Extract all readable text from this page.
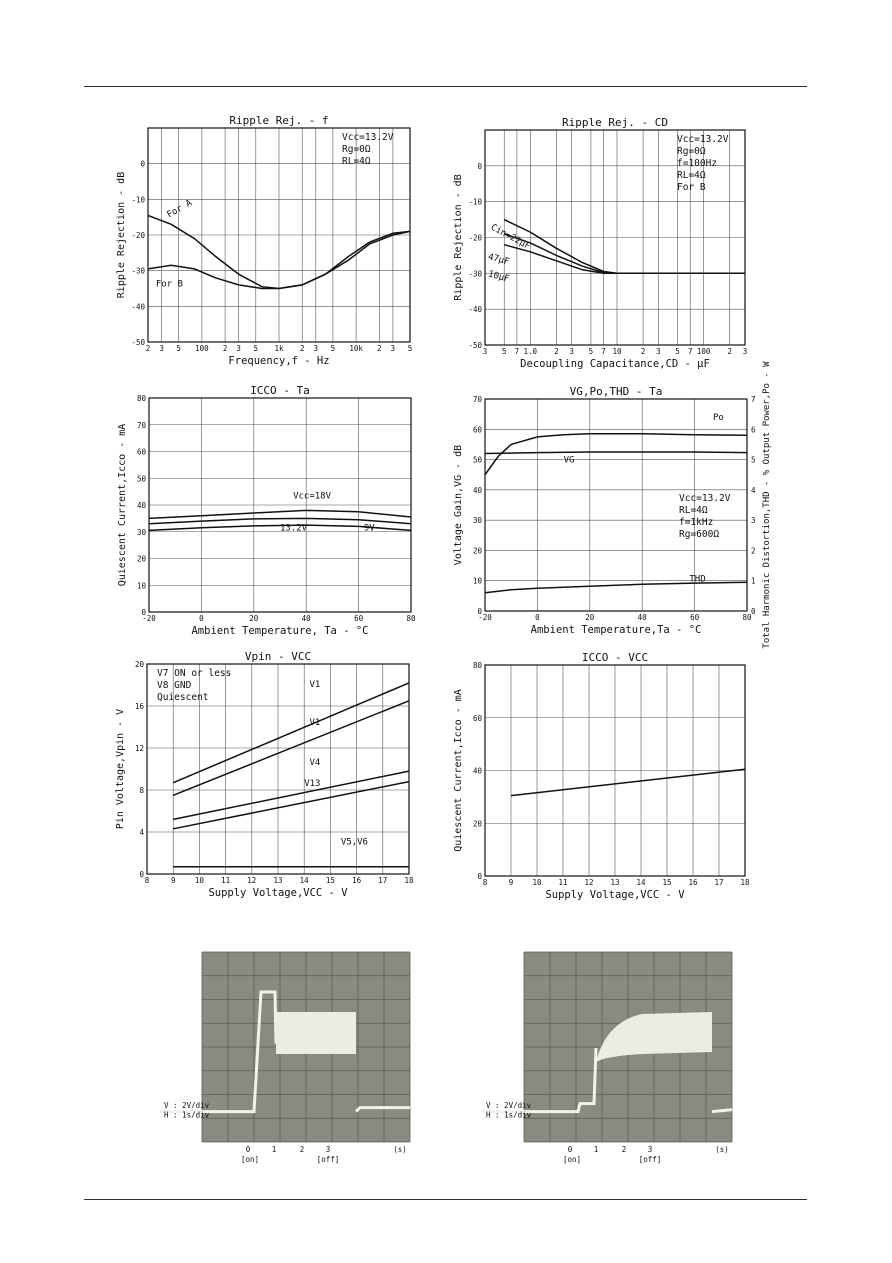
Ripple Rej. - f
2 3 5 100 2 3 5 1k 2 3 5 10k 2 3 5
0
-10
-20
-30
-40
-50
Frequency,f - Hz
Ripple Rejection - dB
Vcc=13.2V
Rg=0Ω
RL=4Ω
For A
For B
Ripple Rej. - CD
3 5 7 1.0 2 3 5 7 10	2 3 5 7 100 2 3
0
-10
-20
-30
-40
-50
Decoupling Capacitance,CD - μF
Ripple Rejection - dB
Vcc=13.2V
Rg=0Ω
f=100Hz
RL=4Ω
For B
Cin=22μF
47μF
10μF
ICCO - Ta
-20	0	20	40	60	80
0
10
20
30
40
50
60
70
80
Ambient Temperature, Ta - °C
Quiescent Current,Icco - mA	Vcc=18V
13.2V	9V
VG,Po,THD - Ta
-20	0	20	40	60	80
0
10
20
30
40
50
60
70
0
1
2
3
4
5
6
7
Ambient Temperature,Ta - °C
Voltage Gain,VG - dB	Total Harmonic Distortion,THD - % Output Power,Po - W
Vcc=13.2V
RL=4Ω
f=1kHz
Rg=600Ω
Po
VG
THD
Vpin - VCC
8	9	10 11 12 13 14 15 16 17 18
0
4
8
12
16
20
Supply Voltage,VCC - V
Pin Voltage,Vpin - V
V7 ON or less
V8 GND
Quiescent
V1
V1
V4
V13
V5,V6
ICCO - VCC
8	9	10 11 12 13 14 15 16 17 18
0
20
40
60
80
Supply Voltage,VCC - V
Quiescent Current,Icco - mA
V : 2V/div
H : 1s/div
0	1	2	3	(s)
[on]	[off]
V : 2V/div
H : 1s/div
0	1	2	3	(s)
[on]	[off]
